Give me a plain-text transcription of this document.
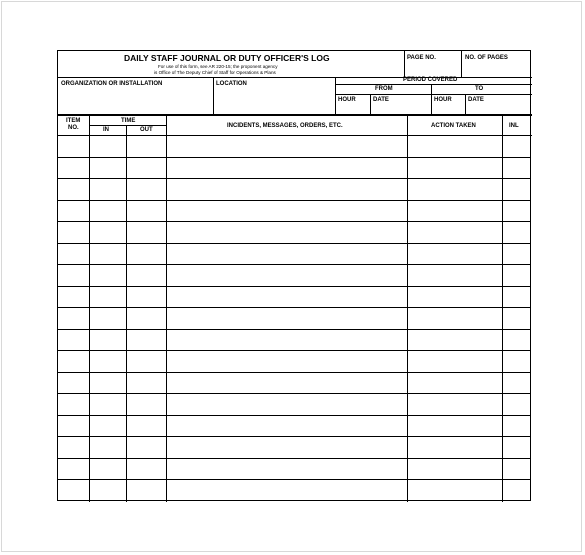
DAILY STAFF JOURNAL OR DUTY OFFICER'S LOG
For use of this form, see AR 220-15; the proponent agency
is Office of The Deputy Chief of Staff for Operations & Plans
PAGE NO.	NO. OF PAGES
ORGANIZATION OR INSTALLATION	LOCATION
PERIOD COVERED
FROM	TO
HOUR	DATE	HOUR	DATE
ITEM
NO.
TIME
IN	OUT
INCIDENTS, MESSAGES, ORDERS, ETC.	ACTION TAKEN	INL
